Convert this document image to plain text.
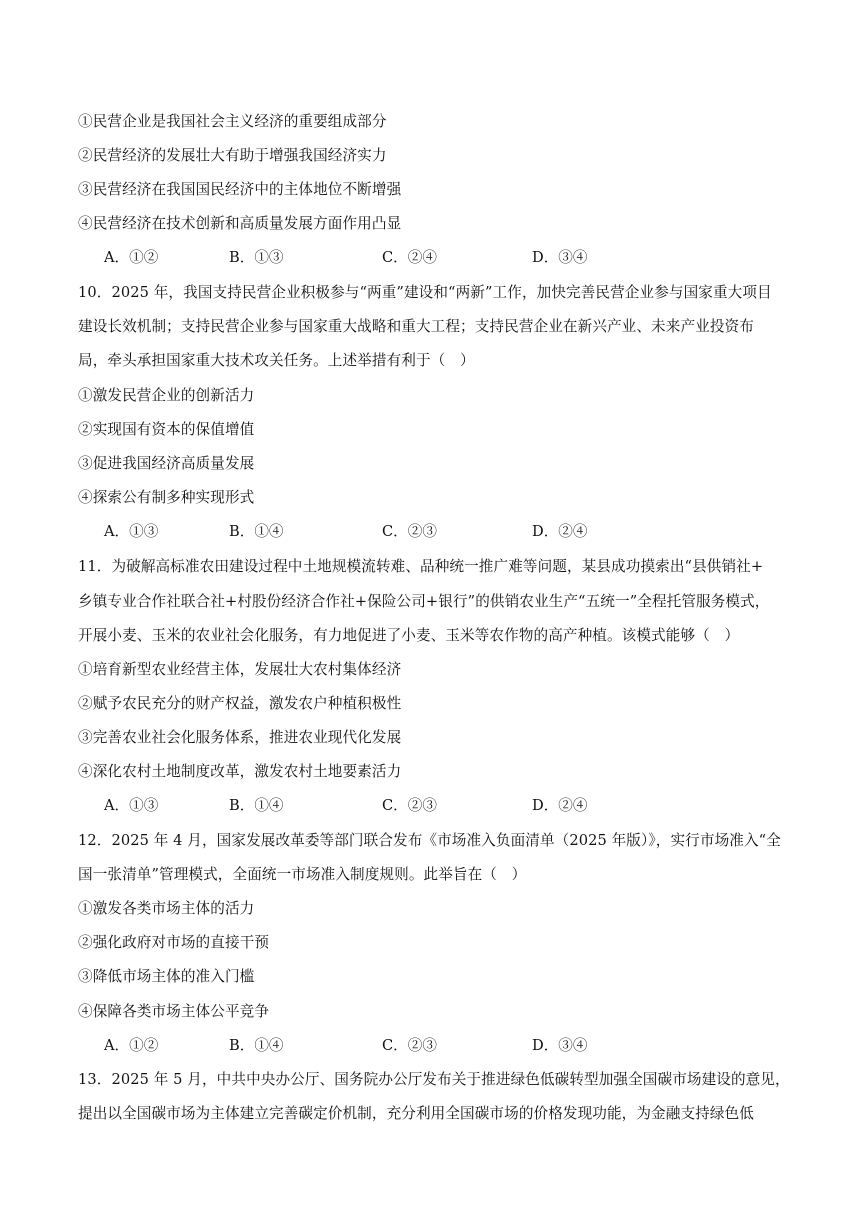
①民营企业是我国社会主义经济的重要组成部分
②民营经济的发展壮大有助于增强我国经济实力
③民营经济在我国国民经济中的主体地位不断增强
④民营经济在技术创新和高质量发展方面作用凸显
A．①②	B．①③	C．②④	D．③④
10．2025 年，我国支持民营企业积极参与“两重”建设和“两新”工作，加快完善民营企业参与国家重大项目
建设长效机制；支持民营企业参与国家重大战略和重大工程；支持民营企业在新兴产业、未来产业投资布
局，牵头承担国家重大技术攻关任务。上述举措有利于（　）
①激发民营企业的创新活力
②实现国有资本的保值增值
③促进我国经济高质量发展
④探索公有制多种实现形式
A．①③	B．①④	C．②③	D．②④
11．为破解高标准农田建设过程中土地规模流转难、品种统一推广难等问题，某县成功摸索出“县供销社+
乡镇专业合作社联合社+村股份经济合作社+保险公司+银行”的供销农业生产“五统一”全程托管服务模式，
开展小麦、玉米的农业社会化服务，有力地促进了小麦、玉米等农作物的高产种植。该模式能够（　）
①培育新型农业经营主体，发展壮大农村集体经济
②赋予农民充分的财产权益，激发农户种植积极性
③完善农业社会化服务体系，推进农业现代化发展
④深化农村土地制度改革，激发农村土地要素活力
A．①③	B．①④	C．②③	D．②④
12．2025 年 4 月，国家发展改革委等部门联合发布《市场准入负面清单（2025 年版）》，实行市场准入“全
国一张清单”管理模式，全面统一市场准入制度规则。此举旨在（　）
①激发各类市场主体的活力
②强化政府对市场的直接干预
③降低市场主体的准入门槛
④保障各类市场主体公平竞争
A．①②	B．①④	C．②③	D．③④
13．2025 年 5 月，中共中央办公厅、国务院办公厅发布关于推进绿色低碳转型加强全国碳市场建设的意见，
提出以全国碳市场为主体建立完善碳定价机制，充分利用全国碳市场的价格发现功能，为金融支持绿色低
